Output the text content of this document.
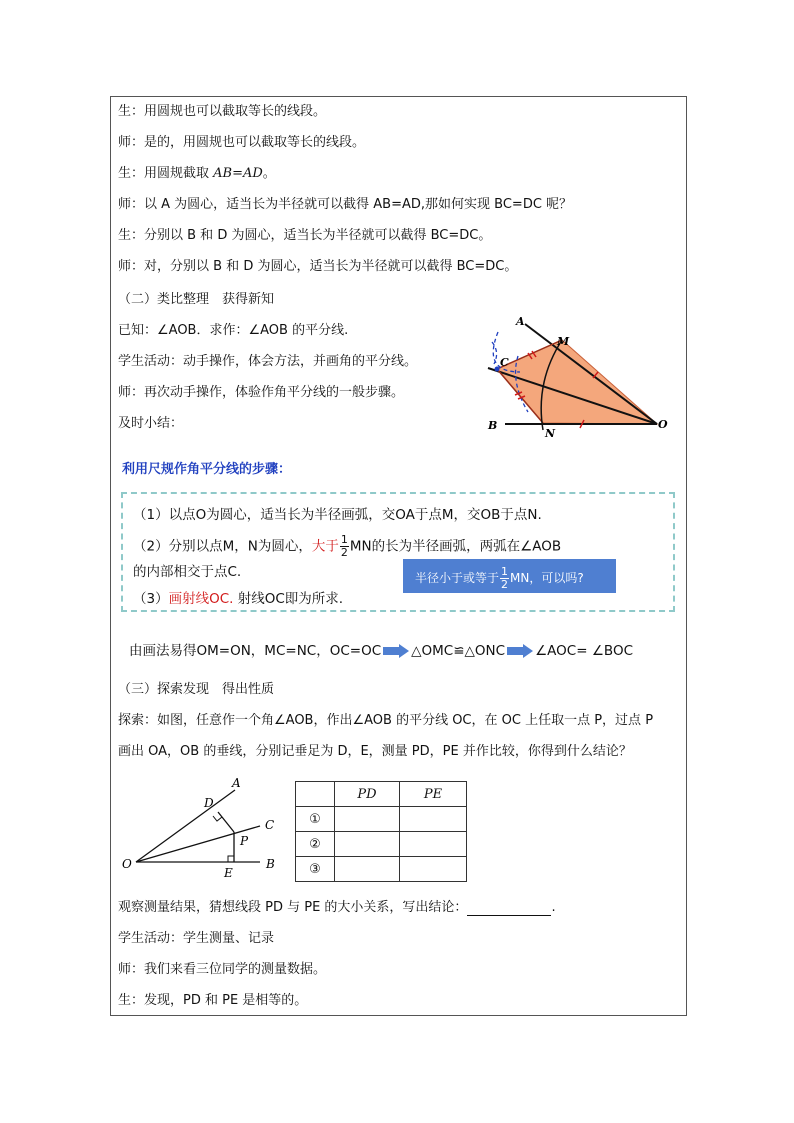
生：用圆规也可以截取等长的线段。
师：是的，用圆规也可以截取等长的线段。
生：用圆规截取 AB=AD。
师：以 A 为圆心，适当长为半径就可以截得 AB=AD,那如何实现 BC=DC 呢？
生：分别以 B 和 D 为圆心，适当长为半径就可以截得 BC=DC。
师：对，分别以 B 和 D 为圆心，适当长为半径就可以截得 BC=DC。
（二）类比整理　获得新知
已知：∠AOB．求作：∠AOB 的平分线.
学生活动：动手操作，体会方法，并画角的平分线。
师：再次动手操作，体验作角平分线的一般步骤。
及时小结：
A
M
C
B
N
O
利用尺规作角平分线的步骤：
（1）以点O为圆心，适当长为半径画弧，交OA于点M，交OB于点N.
（2）分别以点M，N为圆心，大于 $\frac{1}{2}$ MN的长为半径画弧，两弧在∠AOB
的内部相交于点C.
（3）画射线OC. 射线OC即为所求.
半径小于或等于 $\frac{1}{2}$ MN，可以吗?
由画法易得OM=ON，MC=NC，OC=OC △OMC≌△ONC ∠AOC= ∠BOC
（三）探索发现　得出性质
探索：如图，任意作一个角∠AOB，作出∠AOB 的平分线 OC，在 OC 上任取一点 P，过点 P
画出 OA，OB 的垂线，分别记垂足为 D，E，测量 PD，PE 并作比较，你得到什么结论？
A
D
C
P
O
E
B
	PD	PE
①		
②		
③		
观察测量结果，猜想线段 PD 与 PE 的大小关系，写出结论：	.
学生活动：学生测量、记录
师：我们来看三位同学的测量数据。
生：发现，PD 和 PE 是相等的。
